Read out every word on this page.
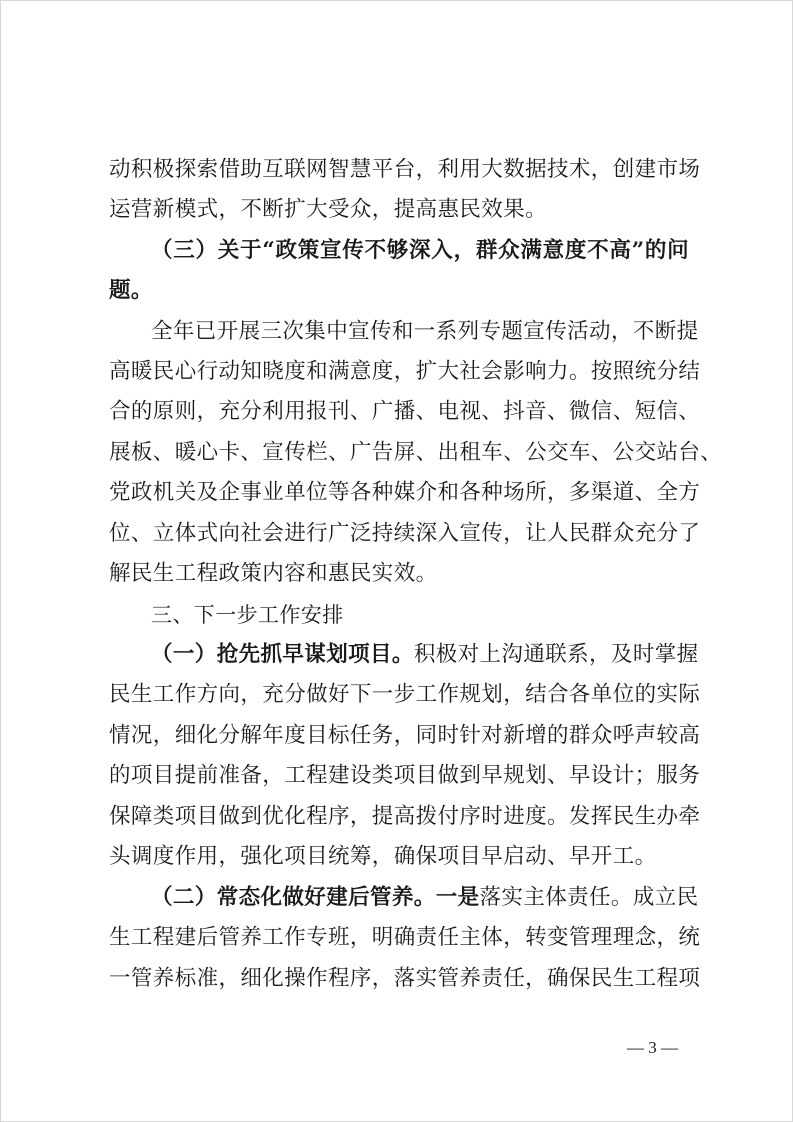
动积极探索借助互联网智慧平台，利用大数据技术，创建市场
运营新模式，不断扩大受众，提高惠民效果。
（三）关于“政策宣传不够深入，群众满意度不高”的问
题。
全年已开展三次集中宣传和一系列专题宣传活动，不断提
高暖民心行动知晓度和满意度，扩大社会影响力。按照统分结
合的原则，充分利用报刊、广播、电视、抖音、微信、短信、
展板、暖心卡、宣传栏、广告屏、出租车、公交车、公交站台、
党政机关及企事业单位等各种媒介和各种场所，多渠道、全方
位、立体式向社会进行广泛持续深入宣传，让人民群众充分了
解民生工程政策内容和惠民实效。
三、下一步工作安排
（一）抢先抓早谋划项目。积极对上沟通联系，及时掌握
民生工作方向，充分做好下一步工作规划，结合各单位的实际
情况，细化分解年度目标任务，同时针对新增的群众呼声较高
的项目提前准备，工程建设类项目做到早规划、早设计；服务
保障类项目做到优化程序，提高拨付序时进度。发挥民生办牵
头调度作用，强化项目统筹，确保项目早启动、早开工。
（二）常态化做好建后管养。一是落实主体责任。成立民
生工程建后管养工作专班，明确责任主体，转变管理理念，统
一管养标准，细化操作程序，落实管养责任，确保民生工程项
— 3 —
